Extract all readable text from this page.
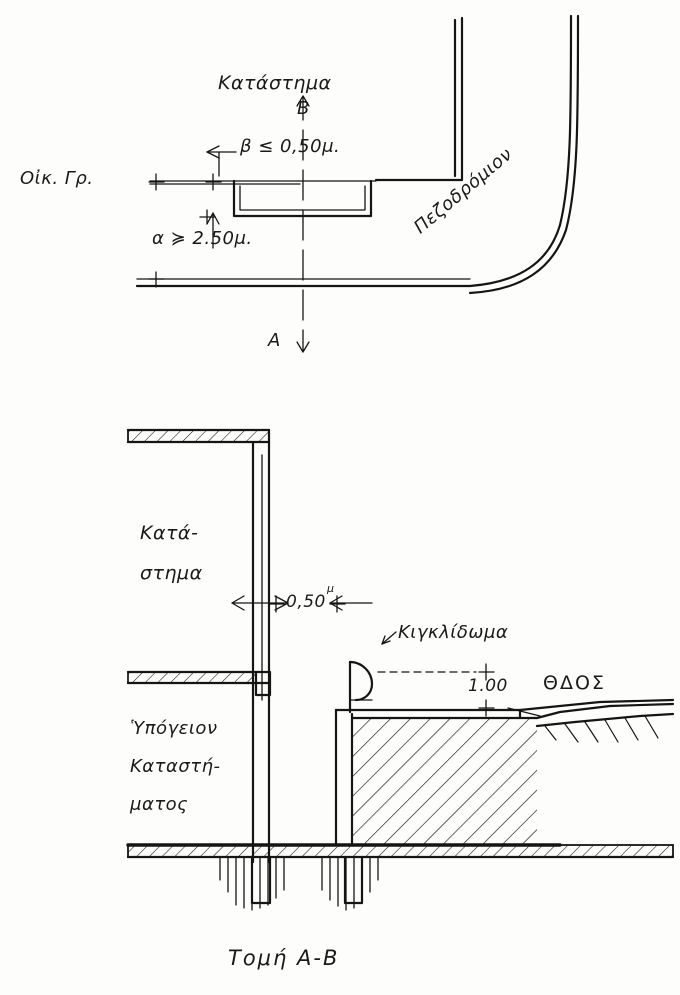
Κατάστημα
Β
Α
Οἰκ. Γρ.
β ≤ 0,50μ.
α ≽ 2.50μ.
Πεζοδρόμιον
Κατά-
στημα
Ὑπόγειον
Καταστή-
ματος
0,50
μ
Κιγκλίδωμα
1.00 ΘΔΟΣ
Τομή Α-Β
